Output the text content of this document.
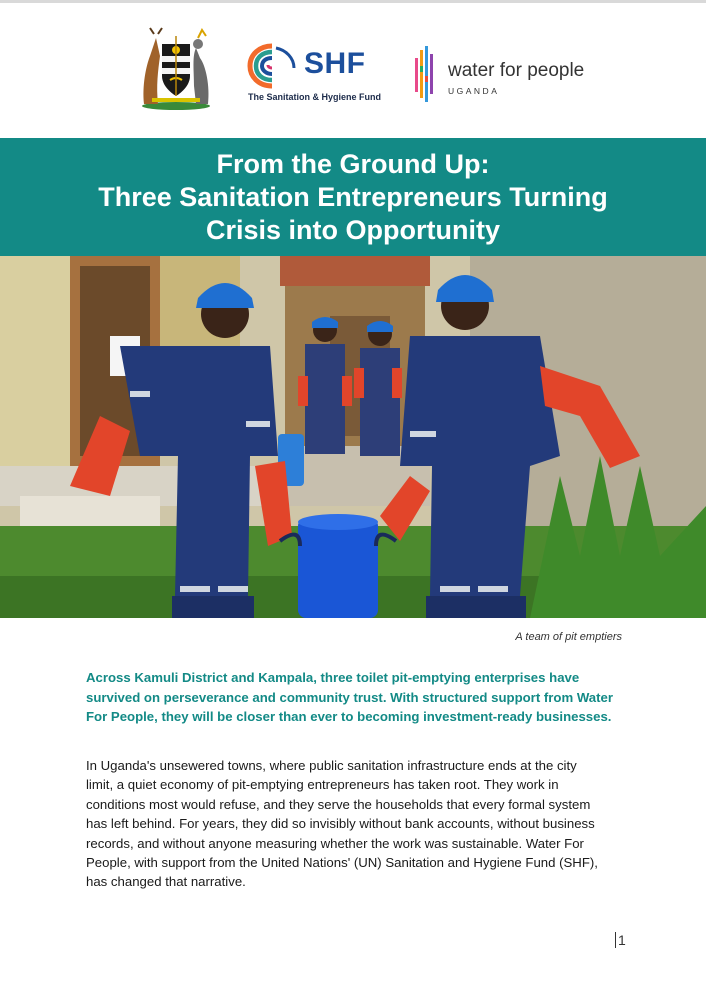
SHF
The Sanitation & Hygiene Fund
water for people
UGANDA
From the Ground Up:
Three Sanitation Entrepreneurs Turning
Crisis into Opportunity
A team of pit emptiers

Across Kamuli District and Kampala, three toilet pit-emptying enterprises have survived on perseverance and community trust. With structured support from Water For People, they will be closer than ever to becoming investment-ready businesses.

In Uganda's unsewered towns, where public sanitation infrastructure ends at the city limit, a quiet economy of pit-emptying entrepreneurs has taken root. They work in conditions most would refuse, and they serve the households that every formal system has left behind. For years, they did so invisibly without bank accounts, without business records, and without anyone measuring whether the work was sustainable. Water For People, with support from the United Nations' (UN) Sanitation and Hygiene Fund (SHF), has changed that narrative.

1
